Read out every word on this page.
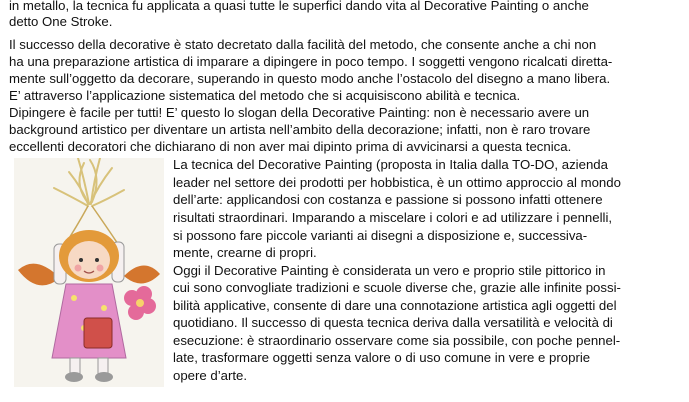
in metallo, la tecnica fu applicata a quasi tutte le superfici dando vita al Decorative Painting o anche

detto One Stroke.

Il successo della decorative è stato decretato dalla facilità del metodo, che consente anche a chi non

ha una preparazione artistica di imparare a dipingere in poco tempo. I soggetti vengono ricalcati diretta-

mente sull’oggetto da decorare, superando in questo modo anche l’ostacolo del disegno a mano libera.

E’ attraverso l’applicazione sistematica del metodo che si acquisiscono abilità e tecnica.

Dipingere è facile per tutti! E’ questo lo slogan della Decorative Painting: non è necessario avere un

background artistico per diventare un artista nell’ambito della decorazione; infatti, non è raro trovare

eccellenti decoratori che dichiarano di non aver mai dipinto prima di avvicinarsi a questa tecnica.

La tecnica del Decorative Painting (proposta in Italia dalla TO-DO, azienda

leader nel settore dei prodotti per hobbistica, è un ottimo approccio al mondo

dell’arte: applicandosi con costanza e passione si possono infatti ottenere

risultati straordinari. Imparando a miscelare i colori e ad utilizzare i pennelli,

si possono fare piccole varianti ai disegni a disposizione e, successiva-

mente, crearne di propri.

Oggi il Decorative Painting è considerata un vero e proprio stile pittorico in

cui sono convogliate tradizioni e scuole diverse che, grazie alle infinite possi-

bilità applicative, consente di dare una connotazione artistica agli oggetti del

quotidiano. Il successo di questa tecnica deriva dalla versatilità e velocità di

esecuzione: è straordinario osservare come sia possibile, con poche pennel-

late, trasformare oggetti senza valore o di uso comune in vere e proprie

opere d’arte.
